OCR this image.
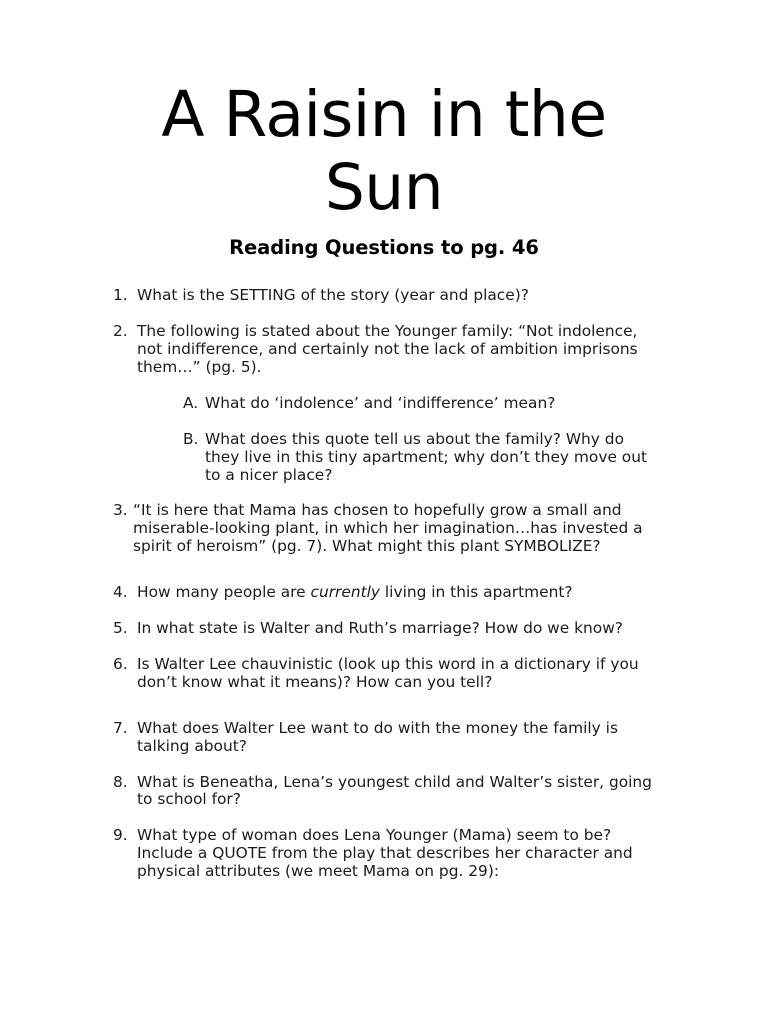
A Raisin in the Sun
Reading Questions to pg. 46
1. What is the SETTING of the story (year and place)?
2. The following is stated about the Younger family: “Not indolence, not indifference, and certainly not the lack of ambition imprisons them…” (pg. 5).
A. What do ‘indolence’ and ‘indifference’ mean?
B. What does this quote tell us about the family? Why do they live in this tiny apartment; why don’t they move out to a nicer place?
3. “It is here that Mama has chosen to hopefully grow a small and miserable-looking plant, in which her imagination…has invested a spirit of heroism” (pg. 7). What might this plant SYMBOLIZE?
4. How many people are currently living in this apartment?
5. In what state is Walter and Ruth’s marriage? How do we know?
6. Is Walter Lee chauvinistic (look up this word in a dictionary if you don’t know what it means)? How can you tell?
7. What does Walter Lee want to do with the money the family is talking about?
8. What is Beneatha, Lena’s youngest child and Walter’s sister, going to school for?
9. What type of woman does Lena Younger (Mama) seem to be? Include a QUOTE from the play that describes her character and physical attributes (we meet Mama on pg. 29):
